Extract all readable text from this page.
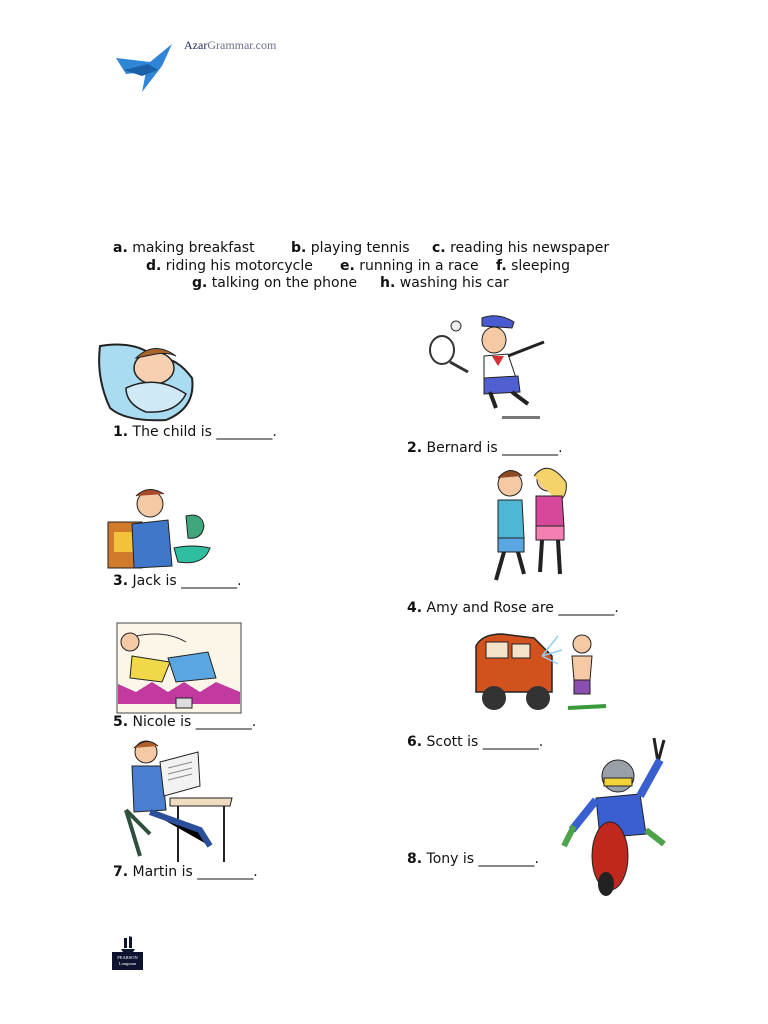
AzarGrammar.com
a. making breakfast	b. playing tennis c. reading his newspaper
d. riding his motorcycle e. running in a race f. sleeping
g. talking on the phone h. washing his car
1. The child is ________.
2. Bernard is ________.
3. Jack is ________.
4. Amy and Rose are ________.
5. Nicole is ________.
6. Scott is ________.
7. Martin is ________.
8. Tony is ________.
PEARSON
Longman
